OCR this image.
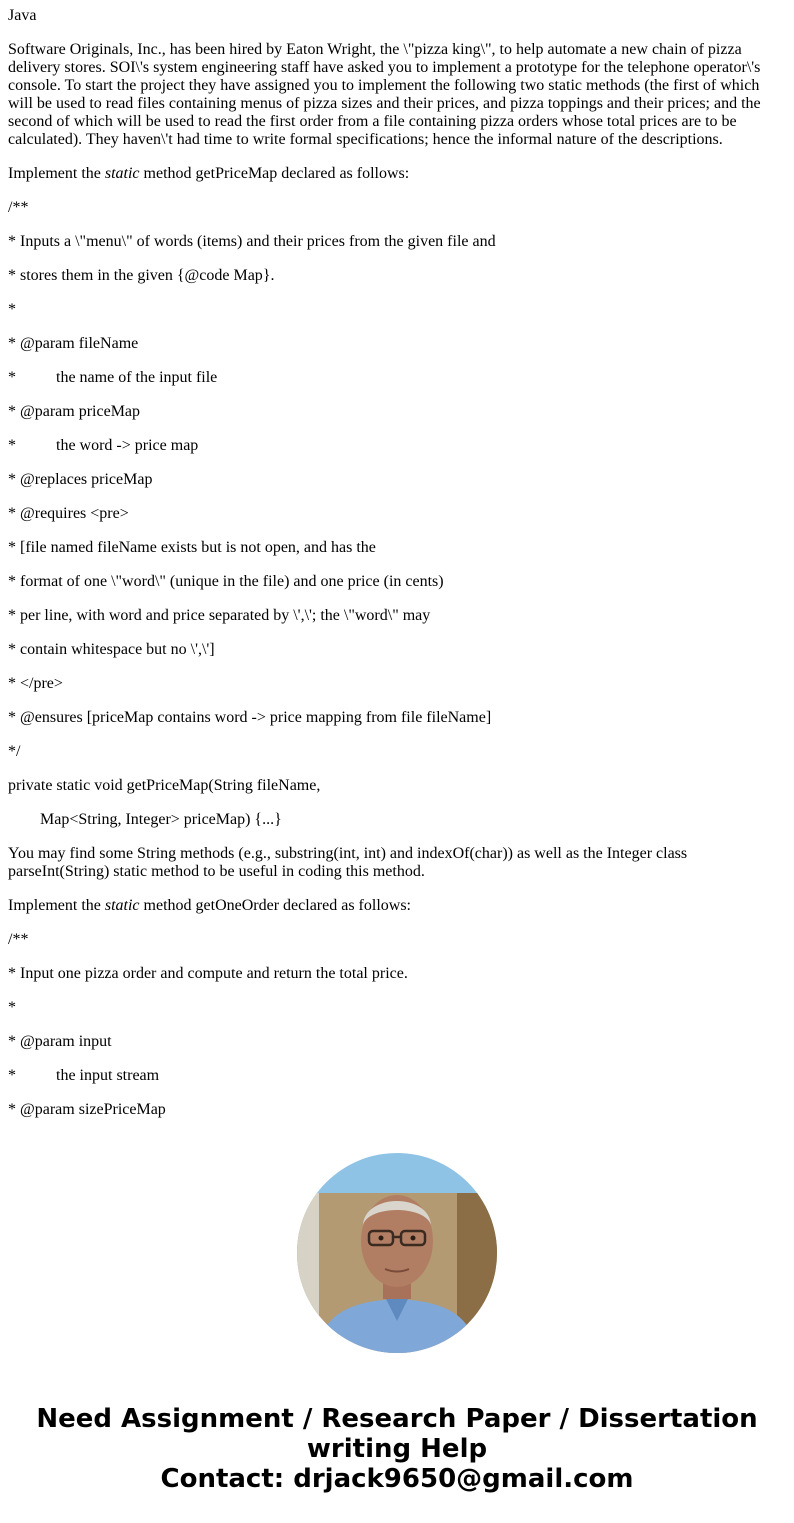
Java

Software Originals, Inc., has been hired by Eaton Wright, the \"pizza king\", to help automate a new chain of pizza delivery stores. SOI\'s system engineering staff have asked you to implement a prototype for the telephone operator\'s console. To start the project they have assigned you to implement the following two static methods (the first of which will be used to read files containing menus of pizza sizes and their prices, and pizza toppings and their prices; and the second of which will be used to read the first order from a file containing pizza orders whose total prices are to be calculated). They haven\'t had time to write formal specifications; hence the informal nature of the descriptions.

Implement the static method getPriceMap declared as follows:

/**

* Inputs a \"menu\" of words (items) and their prices from the given file and

* stores them in the given {@code Map}.

*

* @param fileName

*	the name of the input file

* @param priceMap

*	the word -> price map

* @replaces priceMap

* @requires <pre>

* [file named fileName exists but is not open, and has the

* format of one \"word\" (unique in the file) and one price (in cents)

* per line, with word and price separated by \',\'; the \"word\" may

* contain whitespace but no \',\']

* </pre>

* @ensures [priceMap contains word -> price mapping from file fileName]

*/

private static void getPriceMap(String fileName,

Map<String, Integer> priceMap) {...}

You may find some String methods (e.g., substring(int, int) and indexOf(char)) as well as the Integer class parseInt(String) static method to be useful in coding this method.

Implement the static method getOneOrder declared as follows:

/**

* Input one pizza order and compute and return the total price.

*

* @param input

*	the input stream

* @param sizePriceMap

Need Assignment / Research Paper / Dissertation
writing Help
Contact: drjack9650@gmail.com
